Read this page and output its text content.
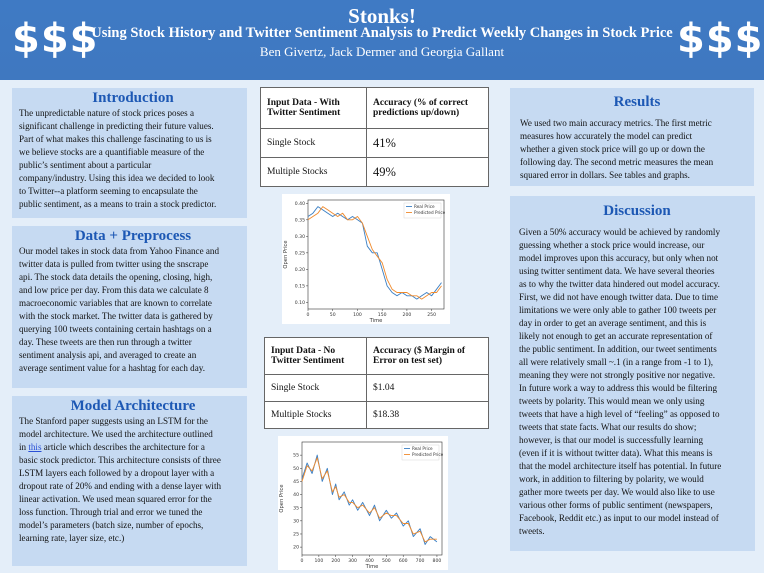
$$$	Stonks!
Using Stock History and Twitter Sentiment Analysis to Predict Weekly Changes in Stock Price
Ben Givertz, Jack Dermer and Georgia Gallant	$$$
Introduction

The unpredictable nature of stock prices poses a

significant challenge in predicting their future values.

Part of what makes this challenge fascinating to us is

we believe stocks are a quantifiable measure of the

public’s sentiment about a particular

company/industry. Using this idea we decided to look

to Twitter--a platform seeming to encapsulate the

public sentiment, as a means to train a stock predictor.

Data + Preprocess

Our model takes in stock data from Yahoo Finance and

twitter data is pulled from twitter using the snscrape

api. The stock data details the opening, closing, high,

and low price per day. From this data we calculate 8

macroeconomic variables that are known to correlate

with the stock market. The twitter data is gathered by

querying 100 tweets containing certain hashtags on a

day. These tweets are then run through a twitter

sentiment analysis api, and averaged to create an

average sentiment value for a hashtag for each day.

Model Architecture

The Stanford paper suggests using an LSTM for the

model architecture. We used the architecture outlined

in this article which describes the architecture for a

basic stock predictor. This architecture consists of three

LSTM layers each followed by a dropout layer with a

dropout rate of 20% and ending with a dense layer with

linear activation. We used mean squared error for the

loss function. Through trial and error we tuned the

model’s parameters (batch size, number of epochs,

learning rate, layer size, etc.)

Input Data - With Twitter Sentiment	Accuracy (% of correct predictions up/down)
Single Stock	41%
Multiple Stocks	49%
0	50	100	150	200	250
0.10
0.15
0.20
0.25
0.30
0.35
0.40
Time
Open Price
Real Price
Predicted Price
Input Data - No Twitter Sentiment	Accuracy ($ Margin of Error on test set)
Single Stock	$1.04
Multiple Stocks	$18.38
0 100 200 300 400 500 600 700 800
20
25
30
35
40
45
50
55
Time
Open Price
Real Price
Predicted Price
Results

We used two main accuracy metrics. The first metric

measures how accurately the model can predict

whether a given stock price will go up or down the

following day. The second metric measures the mean

squared error in dollars. See tables and graphs.

Discussion

Given a 50% accuracy would be achieved by randomly

guessing whether a stock price would increase, our

model improves upon this accuracy, but only when not

using twitter sentiment data. We have several theories

as to why the twitter data hindered out model accuracy.

First, we did not have enough twitter data. Due to time

limitations we were only able to gather 100 tweets per

day in order to get an average sentiment, and this is

likely not enough to get an accurate representation of

the public sentiment. In addition, our tweet sentiments

all were relatively small ~.1 (in a range from -1 to 1),

meaning they were not strongly positive nor negative.

In future work a way to address this would be filtering

tweets by polarity. This would mean we only using

tweets that have a high level of “feeling” as opposed to

tweets that state facts. What our results do show;

however, is that our model is successfully learning

(even if it is without twitter data). What this means is

that the model architecture itself has potential. In future

work, in addition to filtering by polarity, we would

gather more tweets per day. We would also like to use

various other forms of public sentiment (newspapers,

Facebook, Reddit etc.) as input to our model instead of

tweets.
